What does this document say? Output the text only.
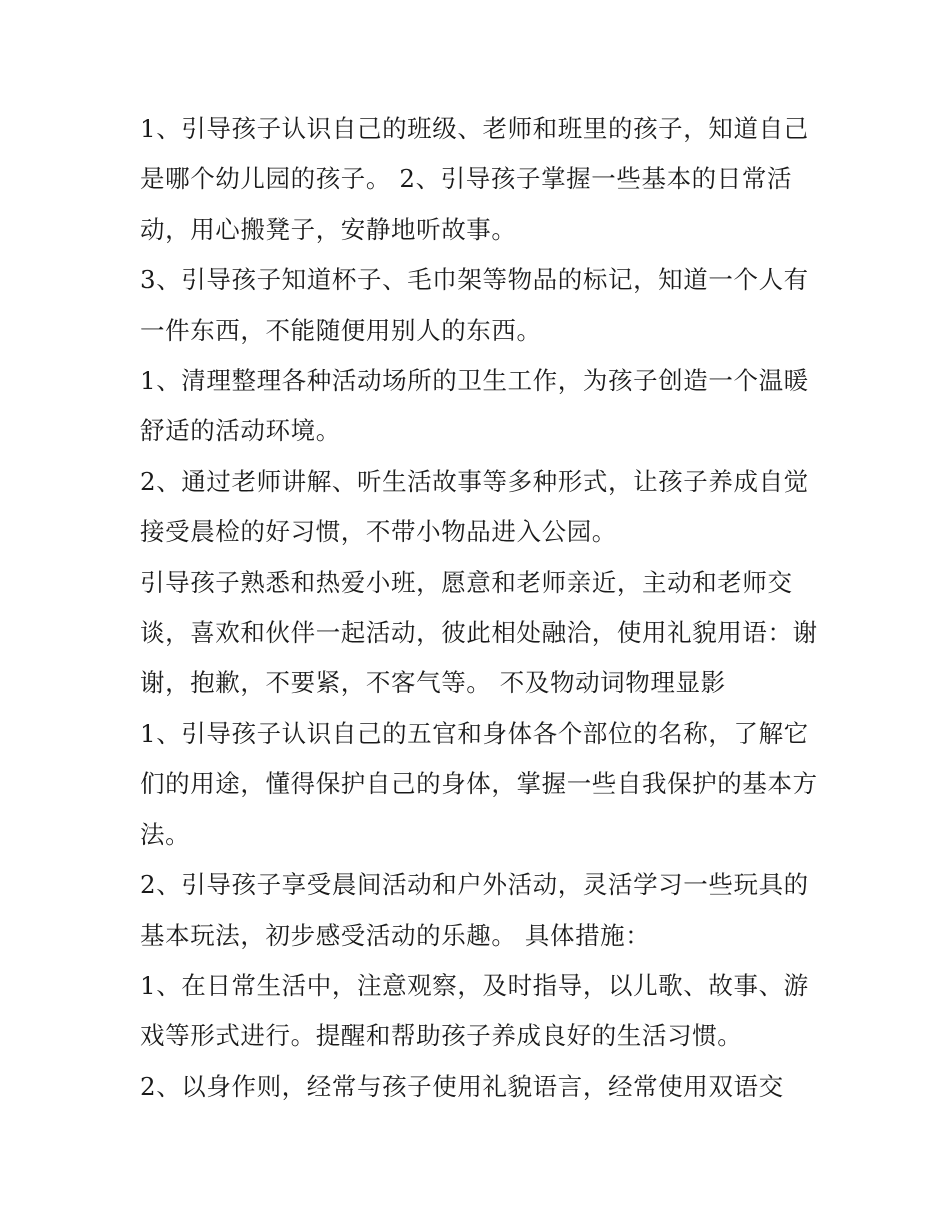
1、引导孩子认识自己的班级、老师和班里的孩子，知道自己是哪个幼儿园的孩子。 2、引导孩子掌握一些基本的日常活动，用心搬凳子，安静地听故事。

3、引导孩子知道杯子、毛巾架等物品的标记，知道一个人有一件东西，不能随便用别人的东西。

1、清理整理各种活动场所的卫生工作，为孩子创造一个温暖舒适的活动环境。

2、通过老师讲解、听生活故事等多种形式，让孩子养成自觉接受晨检的好习惯，不带小物品进入公园。

引导孩子熟悉和热爱小班，愿意和老师亲近，主动和老师交谈，喜欢和伙伴一起活动，彼此相处融洽，使用礼貌用语：谢谢，抱歉，不要紧，不客气等。 不及物动词物理显影

1、引导孩子认识自己的五官和身体各个部位的名称，了解它们的用途，懂得保护自己的身体，掌握一些自我保护的基本方法。

2、引导孩子享受晨间活动和户外活动，灵活学习一些玩具的基本玩法，初步感受活动的乐趣。 具体措施：

1、在日常生活中，注意观察，及时指导，以儿歌、故事、游戏等形式进行。提醒和帮助孩子养成良好的生活习惯。

2、以身作则，经常与孩子使用礼貌语言，经常使用双语交
